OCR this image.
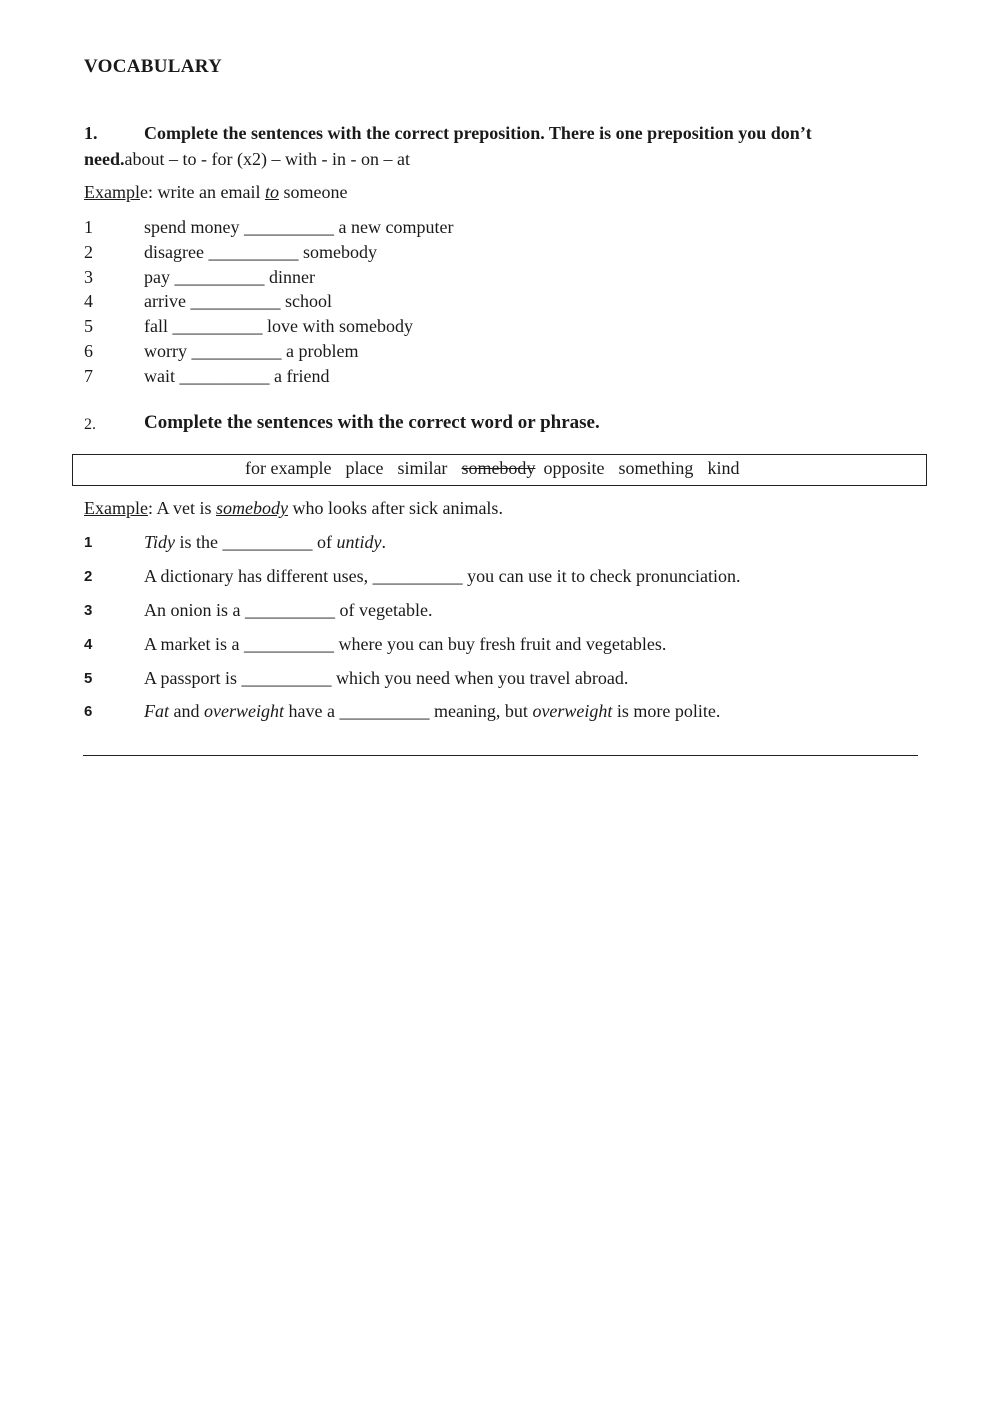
VOCABULARY
1.	Complete the sentences with the correct preposition. There is one preposition you don’t
need.about – to - for (x2) – with - in - on – at
Example: write an email to someone
1	spend money __________ a new computer
2	disagree __________ somebody
3	pay __________ dinner
4	arrive __________ school
5	fall __________ love with somebody
6	worry __________ a problem
7	wait __________ a friend
2.	Complete the sentences with the correct word or phrase.
for example place similar somebody opposite something kind
Example: A vet is somebody who looks after sick animals.
1	Tidy is the __________ of untidy.
2	A dictionary has different uses, __________ you can use it to check pronunciation.
3	An onion is a __________ of vegetable.
4	A market is a __________ where you can buy fresh fruit and vegetables.
5	A passport is __________ which you need when you travel abroad.
6	Fat and overweight have a __________ meaning, but overweight is more polite.
